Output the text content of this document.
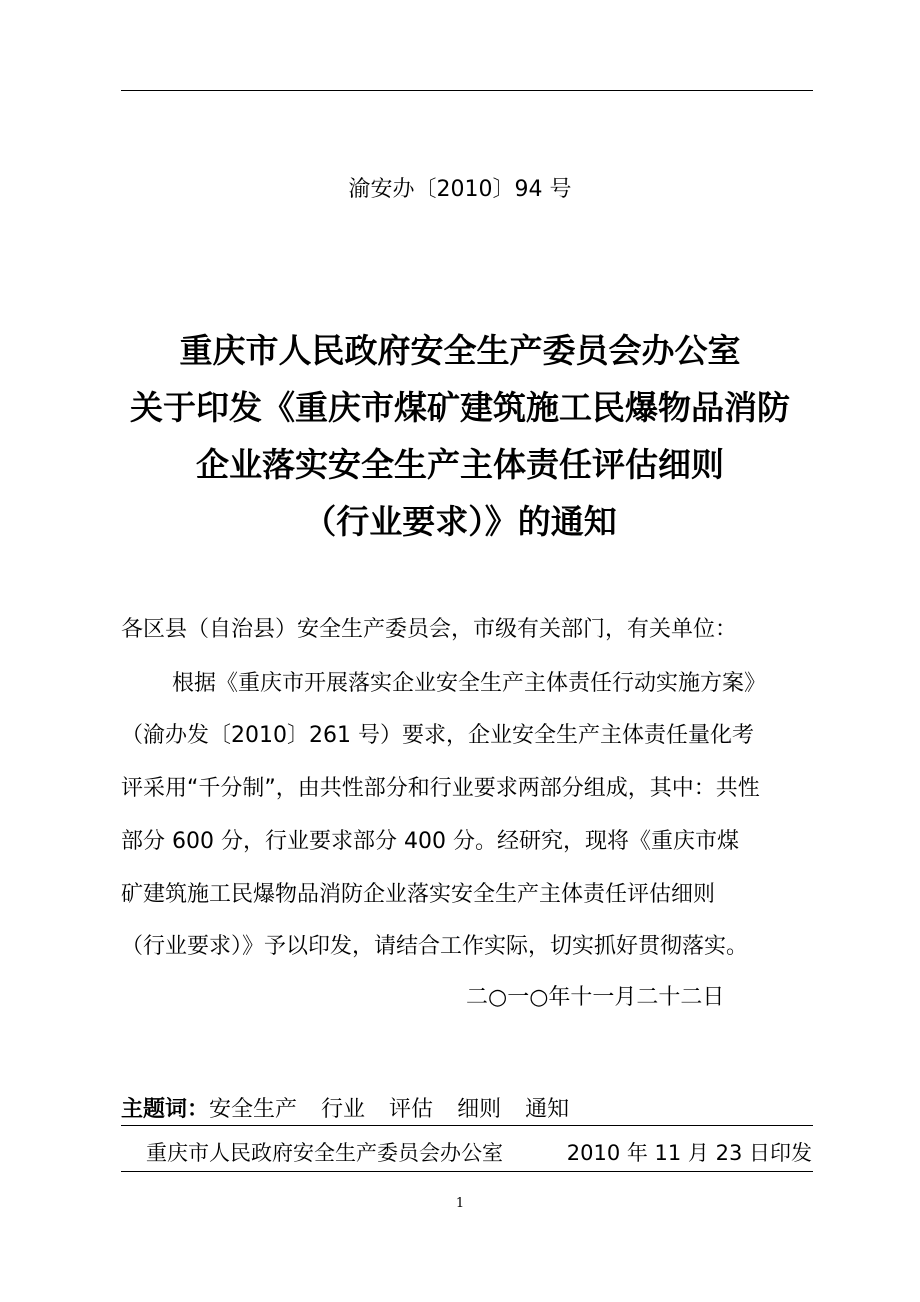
渝安办〔2010〕94 号
重庆市人民政府安全生产委员会办公室
关于印发《重庆市煤矿建筑施工民爆物品消防
企业落实安全生产主体责任评估细则
（行业要求）》的通知
各区县（自治县）安全生产委员会，市级有关部门，有关单位：
根据《重庆市开展落实企业安全生产主体责任行动实施方案》
（渝办发〔2010〕261 号）要求，企业安全生产主体责任量化考
评采用“千分制”，由共性部分和行业要求两部分组成，其中：共性
部分 600 分，行业要求部分 400 分。经研究，现将《重庆市煤
矿建筑施工民爆物品消防企业落实安全生产主体责任评估细则
（行业要求）》予以印发，请结合工作实际，切实抓好贯彻落实。
二○一○年十一月二十二日
主题词：安全生产 行业 评估 细则 通知
重庆市人民政府安全生产委员会办公室	2010 年 11 月 23 日印发
1
